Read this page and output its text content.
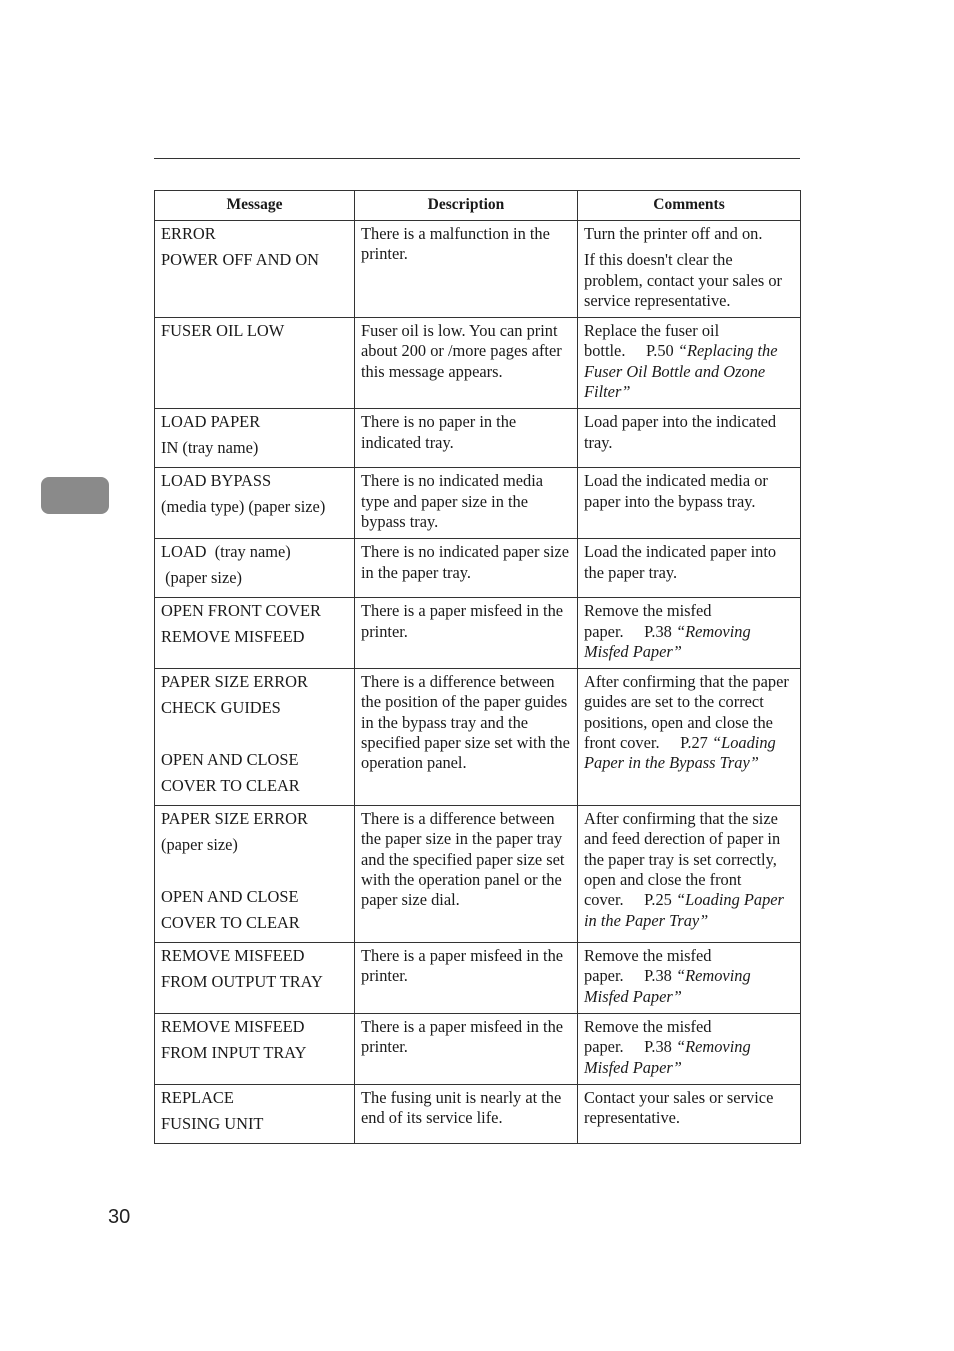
Message	Description	Comments

ERROR
POWER OFF AND ON	There is a malfunction in the printer.	Turn the printer off and on.
If this doesn't clear the problem, contact your sales or service representative.

FUSER OIL LOW	Fuser oil is low. You can print about 200 or /more pages after this message appears.	Replace the fuser oil bottle. P.50 “Replacing the Fuser Oil Bottle and Ozone Filter”

LOAD PAPER
IN (tray name)	There is no paper in the indicated tray.	Load paper into the indicated tray.

LOAD BYPASS
(media type) (paper size)	There is no indicated media type and paper size in the bypass tray.	Load the indicated media or paper into the bypass tray.

LOAD  (tray name)
(paper size)	There is no indicated paper size in the paper tray.	Load the indicated paper into the paper tray.

OPEN FRONT COVER
REMOVE MISFEED	There is a paper misfeed in the printer.	Remove the misfed paper. P.38 “Removing Misfed Paper”

PAPER SIZE ERROR
CHECK GUIDES
OPEN AND CLOSE
COVER TO CLEAR	There is a difference between the position of the paper guides in the bypass tray and the specified paper size set with the operation panel.	After confirming that the paper guides are set to the correct positions, open and close the front cover. P.27 “Loading Paper in the Bypass Tray”

PAPER SIZE ERROR
(paper size)
OPEN AND CLOSE
COVER TO CLEAR	There is a difference between the paper size in the paper tray and the specified paper size set with the operation panel or the paper size dial.	After confirming that the size and feed derection of paper in the paper tray is set correctly, open and close the front cover. P.25 “Loading Paper in the Paper Tray”

REMOVE MISFEED
FROM OUTPUT TRAY	There is a paper misfeed in the printer.	Remove the misfed paper. P.38 “Removing Misfed Paper”

REMOVE MISFEED
FROM INPUT TRAY	There is a paper misfeed in the printer.	Remove the misfed paper. P.38 “Removing Misfed Paper”

REPLACE
FUSING UNIT	The fusing unit is nearly at the end of its service life.	Contact your sales or service representative.
30
